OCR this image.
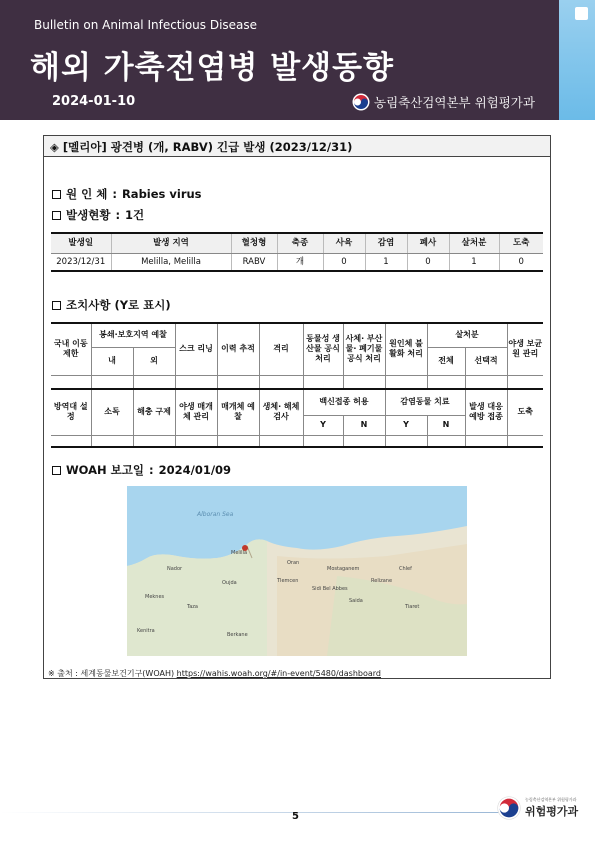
Bulletin on Animal Infectious Disease
해외 가축전염병 발생동향
2024-01-10	농림축산검역본부 위험평가과
◈ [멜리아] 광견병 (개, RABV) 긴급 발생 (2023/12/31)
원 인 체 : Rabies virus
발생현황 : 1건
발생일	발생 지역	혈청형	축종	사육	감염	폐사	살처분	도축
2023/12/31	Melilla, Melilla	RABV	개	0	1	0	1	0
조치사항 (Y로 표시)
국내 이동 제한	봉쇄·보호지역 예찰		스크 리닝	이력 추적	격리	동물성 생산물 공식 처리	사체· 부산물· 폐기물 공식 처리	원인체 불활화 처리	살처분		야생 보균원 관리
	내	외							전체	선택적	

방역대 설정	소독	해충 구제	야생 매개체 관리	매개체 예찰	생체· 해체 검사	백신접종 허용		감염동물 치료		발생 대응 예방 접종	도축
						Y	N	Y	N		

WOAH 보고일 : 2024/01/09
Alboran Sea
Melilla
Oran
Tlemcen
Nador
Oujda
Meknes
Taza
Mostaganem
Sidi Bel Abbes
Saida
Relizane
Chlef
Tiaret
Kenitra
Berkane
※ 출처 : 세계동물보건기구(WOAH) https://wahis.woah.org/#/in-event/5480/dashboard
5
농림축산검역본부 위험평가과
위험평가과
